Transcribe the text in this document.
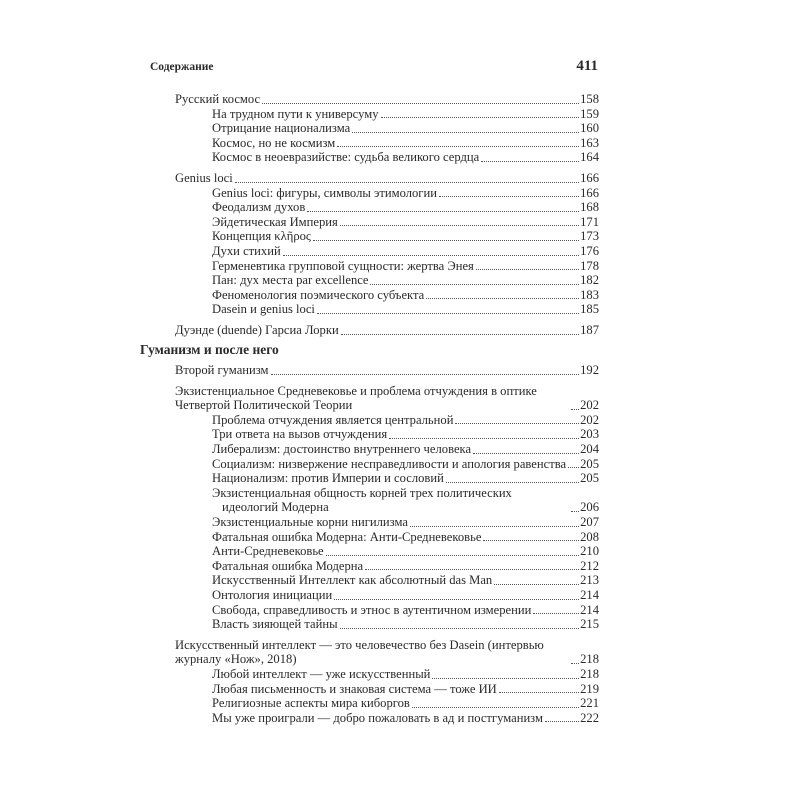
Содержание	411
Русский космос	158
На трудном пути к универсуму	159
Отрицание национализма	160
Космос, но не космизм	163
Космос в неоевразийстве: судьба великого сердца	164
Genius loci	166
Genius loci: фигуры, символы этимологии	166
Феодализм духов	168
Эйдетическая Империя	171
Концепция κλῆρος	173
Духи стихий	176
Герменевтика групповой сущности: жертва Энея	178
Пан: дух места par excellence	182
Феноменология поэмического субъекта	183
Dasein и genius loci	185
Дуэнде (duende) Гарсиа Лорки	187
Гуманизм и после него
Второй гуманизм	192
Экзистенциальное Средневековье и проблема отчуждения в оптике Четвертой Политической Теории	202
Проблема отчуждения является центральной	202
Три ответа на вызов отчуждения	203
Либерализм: достоинство внутреннего человека	204
Социализм: низвержение несправедливости и апология равенства 205
Национализм: против Империи и сословий	205
Экзистенциальная общность корней трех политических идеологий Модерна	206
Экзистенциальные корни нигилизма	207
Фатальная ошибка Модерна: Анти-Средневековье	208
Анти-Средневековье	210
Фатальная ошибка Модерна	212
Искусственный Интеллект как абсолютный das Man	213
Онтология инициации	214
Свобода, справедливость и этнос в аутентичном измерении	214
Власть зияющей тайны	215
Искусственный интеллект — это человечество без Dasein (интервью журналу «Нож», 2018)	218
Любой интеллект — уже искусственный	218
Любая письменность и знаковая система — тоже ИИ	219
Религиозные аспекты мира киборгов	221
Мы уже проиграли — добро пожаловать в ад и постгуманизм	222
